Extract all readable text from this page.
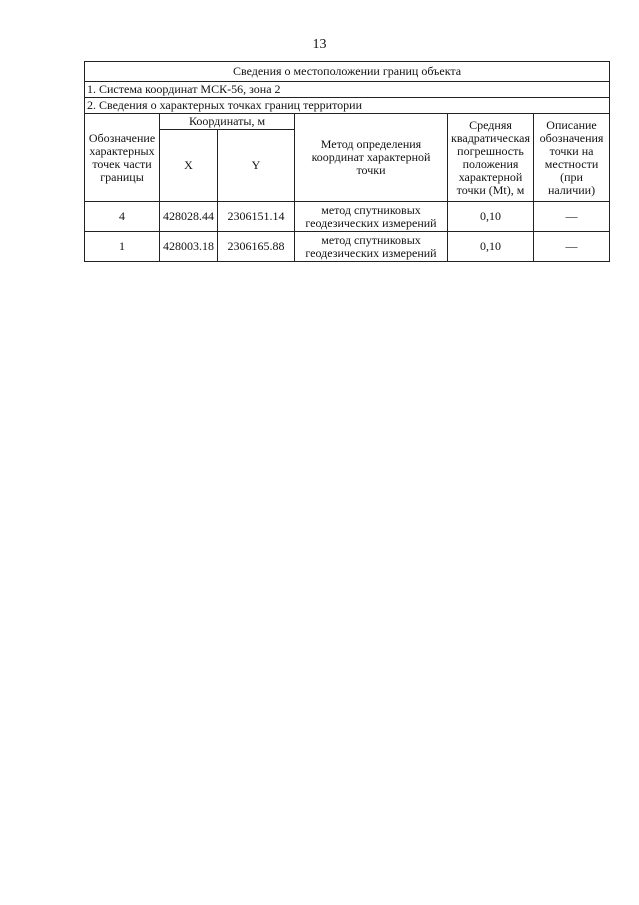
13
Сведения о местоположении границ объекта					
1. Система координат МСК-56, зона 2					
2. Сведения о характерных точках границ территории					
Обозначение характерных точек части границы	Координаты, м		Метод определения координат характерной точки	Средняя квадратическая погрешность положения характерной точки (Mt), м	Описание обозначения точки на местности (при наличии)
	X	Y			
4	428028.44	2306151.14	метод спутниковых геодезических измерений	0,10	—
1	428003.18	2306165.88	метод спутниковых геодезических измерений	0,10	—
